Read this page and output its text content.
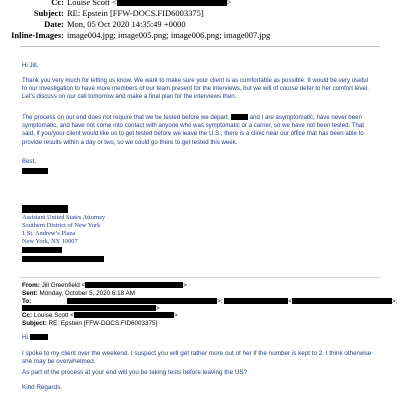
Cc: Louise Scott <	>
Subject: RE: Epstein [FFW-DOCS.FID6003375]
Date: Mon, 05 Oct 2020 14:35:49 +0000
Inline-Images: image004.jpg; image005.png; image006.png; image007.jpg
Hi Jill,
Thank you very much for letting us know. We want to make sure your client is as comfortable as possible. It would be very useful to our investigation to have more members of our team present for the interviews, but we will of course defer to her comfort level. Let’s discuss on our call tomorrow and make a final plan for the interviews then.
The process on our end does not require that we be tested before we depart.	and I are asymptomatic, have never been symptomatic, and have not come into contact with anyone who was symptomatic or a carrier, so we have not been tested. That said, if you/your client would like us to get tested before we leave the U.S., there is a clinic near our office that has been able to provide results within a day or two, so we could go there to get tested this week.
Best,
Assistant United States Attorney
Southern District of New York
1 St. Andrew’s Plaza
New York, NY 10007
From: Jill Greenfield <	>
Sent: Monday, October 5, 2020 6:18 AM
To:	>;	<	>;
>
Cc: Louise Scott <	>
Subject: RE: Epstein [FFW-DOCS.FID6003375]
Hi
I spoke to my client over the weekend. I suspect you will get rather more out of her if the number is kept to 2. I think otherwise she may be overwhelmed.
As part of the process at your end will you be taking tests before leaving the US?
Kind Regards,
